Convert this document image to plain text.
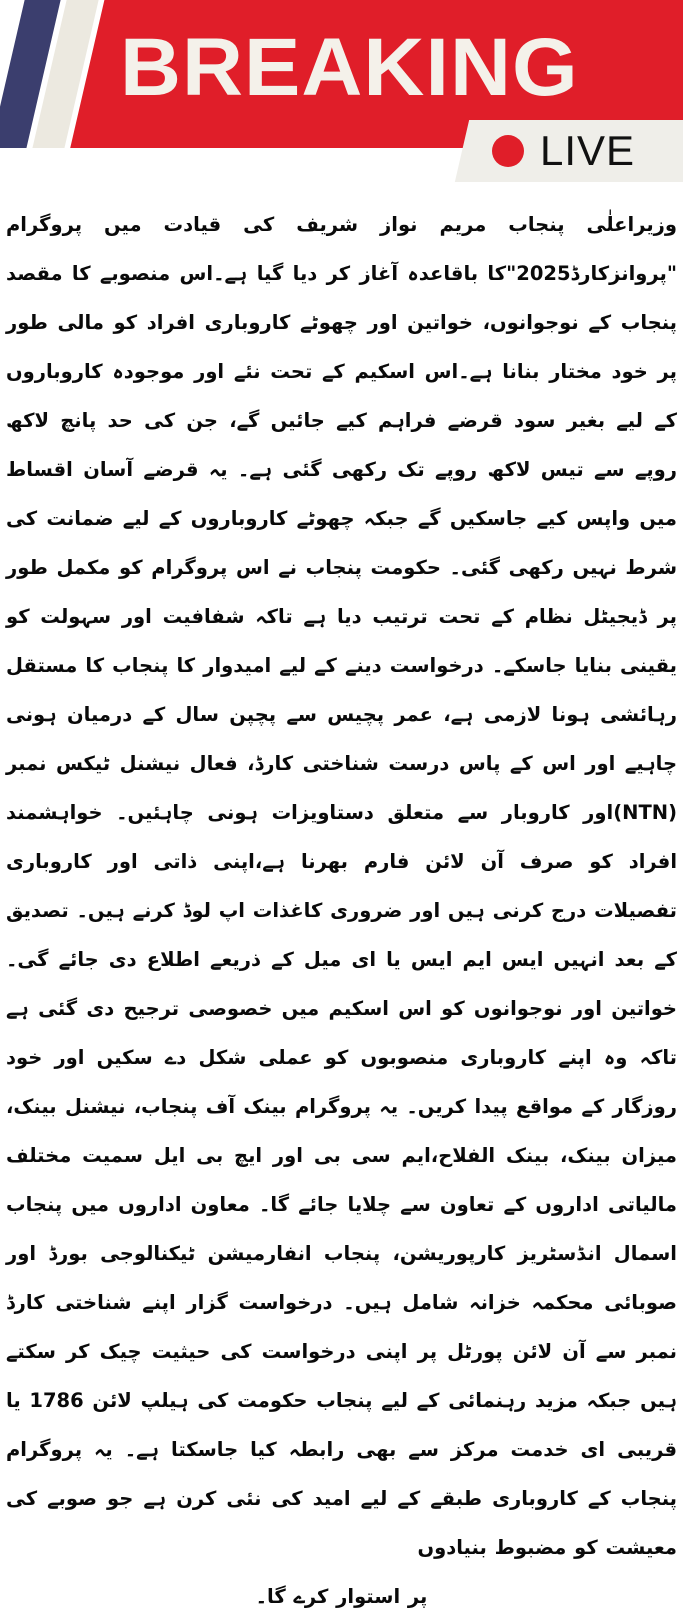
BREAKING
LIVE

وزیراعلٰی پنجاب مریم نواز شریف کی قیادت میں پروگرام "پروانزکارڈ2025"کا باقاعدہ آغاز کر دیا گیا ہے۔اس منصوبے کا مقصد پنجاب کے نوجوانوں، خواتین اور چھوٹے کاروباری افراد کو مالی طور پر خود مختار بنانا ہے۔اس اسکیم کے تحت نئے اور موجودہ کاروباروں کے لیے بغیر سود قرضے فراہم کیے جائیں گے، جن کی حد پانچ لاکھ روپے سے تیس لاکھ روپے تک رکھی گئی ہے۔ یہ قرضے آسان اقساط میں واپس کیے جاسکیں گے جبکہ چھوٹے کاروباروں کے لیے ضمانت کی شرط نہیں رکھی گئی۔ حکومت پنجاب نے اس پروگرام کو مکمل طور پر ڈیجیٹل نظام کے تحت ترتیب دیا ہے تاکہ شفافیت اور سہولت کو یقینی بنایا جاسکے۔ درخواست دینے کے لیے امیدوار کا پنجاب کا مستقل رہائشی ہونا لازمی ہے، عمر پچیس سے پچپن سال کے درمیان ہونی چاہیے اور اس کے پاس درست شناختی کارڈ، فعال نیشنل ٹیکس نمبر (NTN)اور کاروبار سے متعلق دستاویزات ہونی چاہئیں۔ خواہشمند افراد کو صرف آن لائن فارم بھرنا ہے،اپنی ذاتی اور کاروباری تفصیلات درج کرنی ہیں اور ضروری کاغذات اپ لوڈ کرنے ہیں۔ تصدیق کے بعد انہیں ایس ایم ایس یا ای میل کے ذریعے اطلاع دی جائے گی۔ خواتین اور نوجوانوں کو اس اسکیم میں خصوصی ترجیح دی گئی ہے تاکہ وہ اپنے کاروباری منصوبوں کو عملی شکل دے سکیں اور خود روزگار کے مواقع پیدا کریں۔ یہ پروگرام بینک آف پنجاب، نیشنل بینک، میزان بینک، بینک الفلاح،ایم سی بی اور ایچ بی ایل سمیت مختلف مالیاتی اداروں کے تعاون سے چلایا جائے گا۔ معاون اداروں میں پنجاب اسمال انڈسٹریز کارپوریشن، پنجاب انفارمیشن ٹیکنالوجی بورڈ اور صوبائی محکمہ خزانہ شامل ہیں۔ درخواست گزار اپنے شناختی کارڈ نمبر سے آن لائن پورٹل پر اپنی درخواست کی حیثیت چیک کر سکتے ہیں جبکہ مزید رہنمائی کے لیے پنجاب حکومت کی ہیلپ لائن 1786 یا قریبی ای خدمت مرکز سے بھی رابطہ کیا جاسکتا ہے۔ یہ پروگرام پنجاب کے کاروباری طبقے کے لیے امید کی نئی کرن ہے جو صوبے کی معیشت کو مضبوط بنیادوں

پر استوار کرے گا۔
